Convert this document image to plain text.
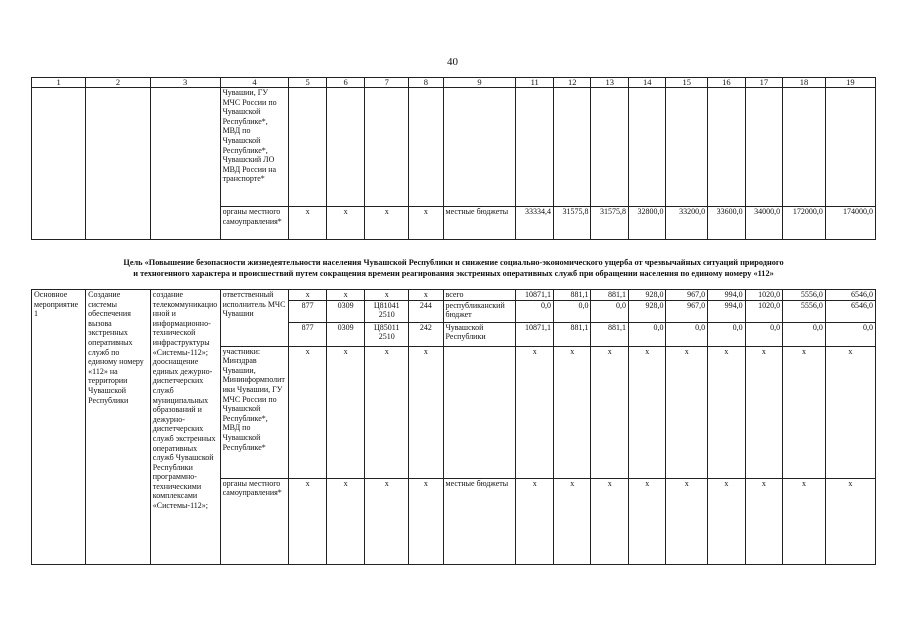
40
1	2	3	4	5	6	7	8	9	11	12	13	14	15	16	17	18	19
			Чувашии, ГУ МЧС России по Чувашской Республике*, МВД по Чувашской Республике*, Чувашский ЛО МВД России на транспорте*														
			органы местного самоуправления*	x	x	x	x	местные бюджеты	33334,4	31575,8	31575,8	32800,0	33200,0	33600,0	34000,0	172000,0	174000,0
Цель «Повышение безопасности жизнедеятельности населения Чувашской Республики и снижение социально-экономического ущерба от чрезвычайных ситуаций природного
и техногенного характера и происшествий путем сокращения времени реагирования экстренных оперативных служб при обращении населения по единому номеру «112»
Основное мероприятие 1	Создание системы обеспечения вызова экстренных оперативных служб по единому номеру «112» на территории Чувашской Республики	создание телекоммуникационной и информационно-технической инфраструктуры «Системы-112»; дооснащение единых дежурно-диспетчерских служб муниципальных образований и дежурно-диспетчерских служб экстренных оперативных служб Чувашской Республики программно-техническими комплексами «Системы-112»;	ответственный исполнитель МЧС Чувашии	x	x	x	x	всего	10871,1	881,1	881,1	928,0	967,0	994,0	1020,0	5556,0	6546,0
				877	0309	Ц81041 2510	244	республиканский бюджет	0,0	0,0	0,0	928,0	967,0	994,0	1020,0	5556,0	6546,0
				877	0309	Ц85011 2510	242	Чувашской Республики	10871,1	881,1	881,1	0,0	0,0	0,0	0,0	0,0	0,0
			участники: Минздрав Чувашии, Мининформполитики Чувашии, ГУ МЧС России по Чувашской Республике*, МВД по Чувашской Республике*	x	x	x	x		x	x	x	x	x	x	x	x	x
			органы местного самоуправления*	x	x	x	x	местные бюджеты	x	x	x	x	x	x	x	x	x
